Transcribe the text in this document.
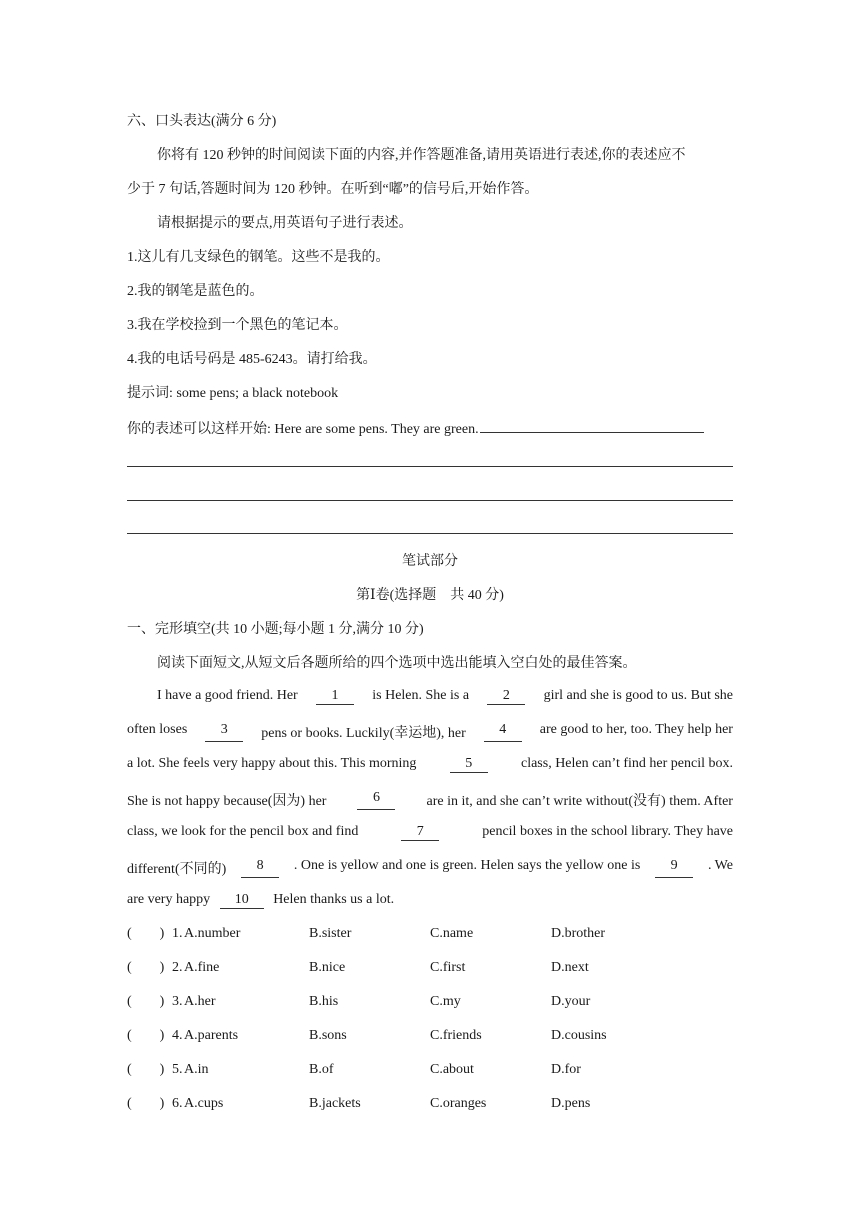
六、口头表达(满分 6 分)
你将有 120 秒钟的时间阅读下面的内容,并作答题准备,请用英语进行表述,你的表述应不
少于 7 句话,答题时间为 120 秒钟。在听到“嘟”的信号后,开始作答。
请根据提示的要点,用英语句子进行表述。
1.这儿有几支绿色的钢笔。这些不是我的。
2.我的钢笔是蓝色的。
3.我在学校捡到一个黑色的笔记本。
4.我的电话号码是 485-6243。请打给我。
提示词: some pens; a black notebook
你的表述可以这样开始: Here are some pens. They are green.
笔试部分
第Ⅰ卷(选择题　共 40 分)
一、完形填空(共 10 小题;每小题 1 分,满分 10 分)
阅读下面短文,从短文后各题所给的四个选项中选出能填入空白处的最佳答案。
I have a good friend. Her	1	is Helen. She is a	2	girl and she is good to us. But she
often loses	3	pens or books. Luckily(幸运地), her	4	are good to her, too. They help her
a lot. She feels very happy about this. This morning	5	class, Helen can’t find her pencil box.
She is not happy because(因为) her	6	are in it, and she can’t write without(没有) them. After
class, we look for the pencil box and find	7	pencil boxes in the school library. They have
different(不同的)	8	. One is yellow and one is green. Helen says the yellow one is	9	. We
are very happy 10 Helen thanks us a lot.
(　　) 1. A.number	B.sister	C.name	D.brother
(　　) 2. A.fine	B.nice	C.first	D.next
(　　) 3. A.her	B.his	C.my	D.your
(　　) 4. A.parents	B.sons	C.friends	D.cousins
(　　) 5. A.in	B.of	C.about	D.for
(　　) 6. A.cups	B.jackets	C.oranges	D.pens
